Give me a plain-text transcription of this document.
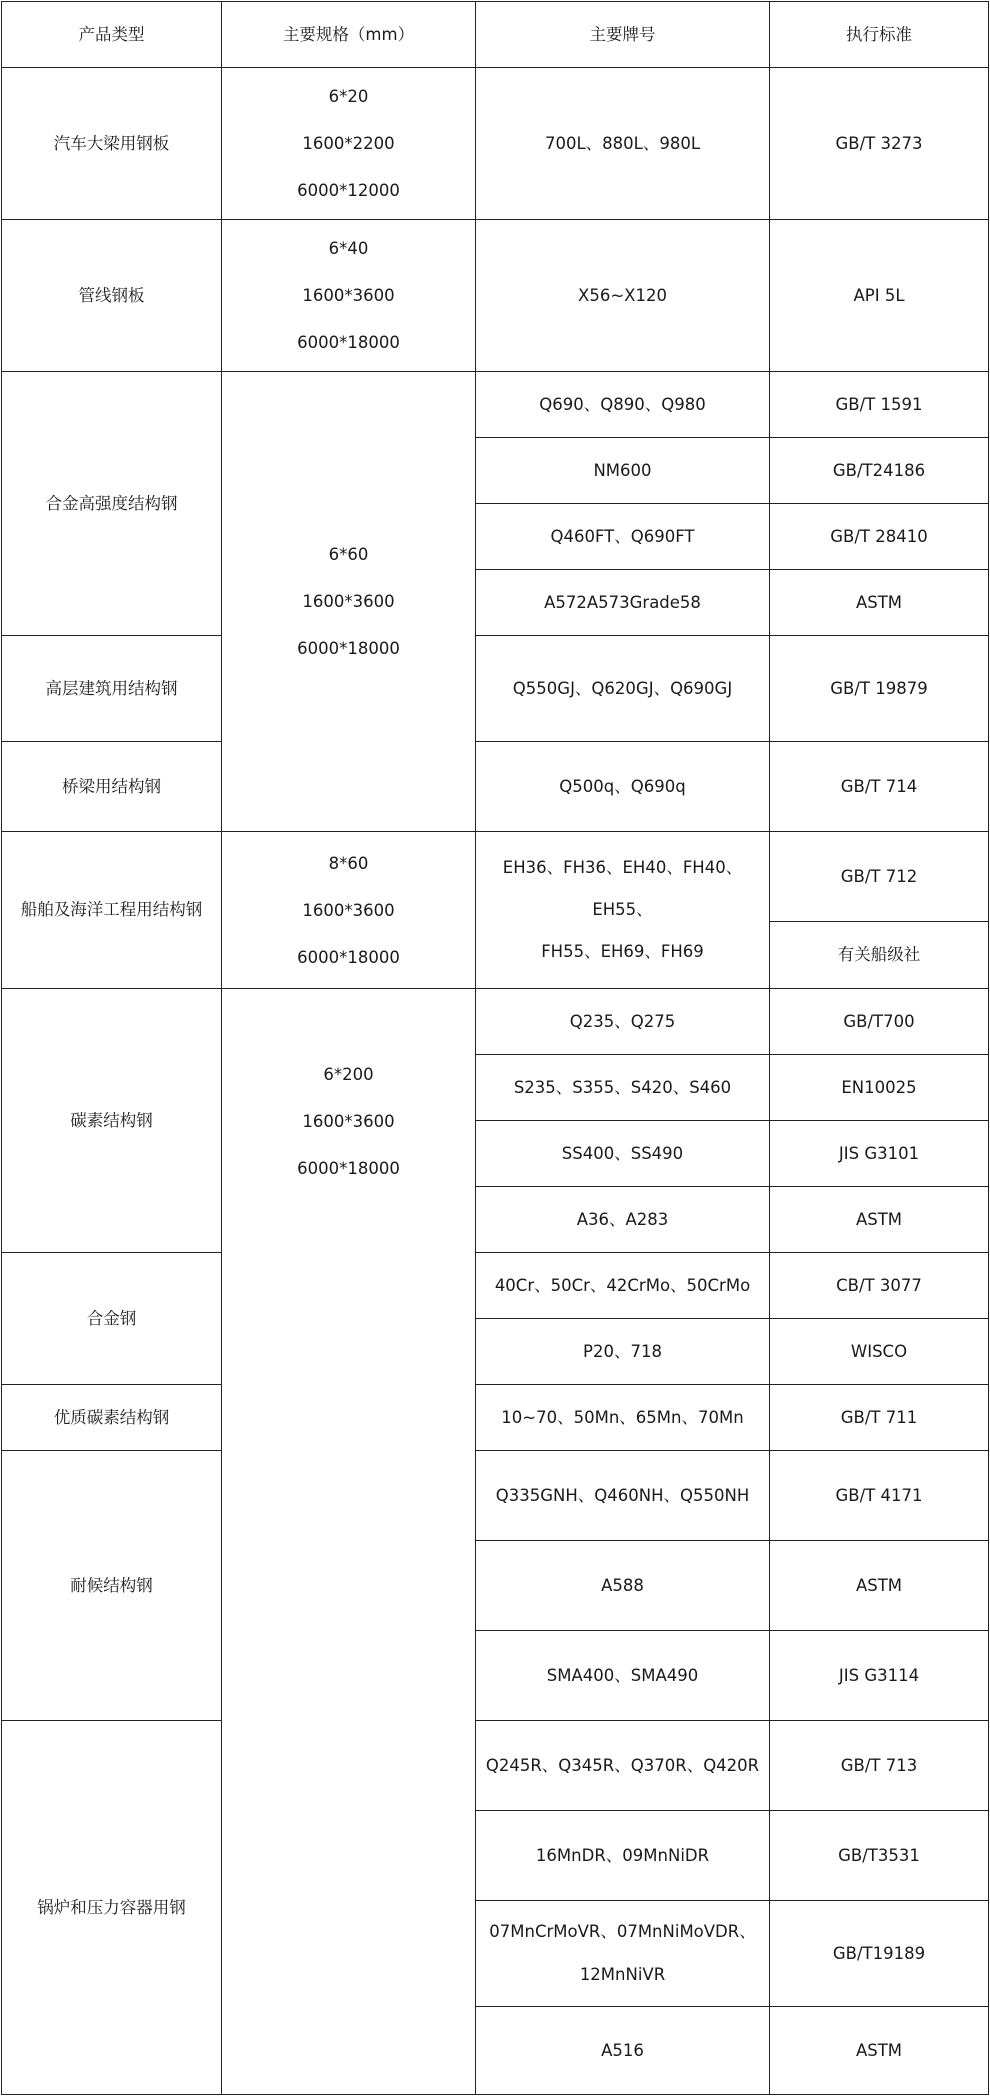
产品类型	主要规格（mm）	主要牌号	执行标准
汽车大梁用钢板	6*20
1600*2200
6000*12000	700L、880L、980L	GB/T 3273
管线钢板	6*40
1600*3600
6000*18000	X56~X120	API 5L
合金高强度结构钢	6*60
1600*3600
6000*18000	Q690、Q890、Q980	GB/T 1591
		NM600	GB/T24186
		Q460FT、Q690FT	GB/T 28410
		A572A573Grade58	ASTM
高层建筑用结构钢		Q550GJ、Q620GJ、Q690GJ	GB/T 19879
桥梁用结构钢		Q500q、Q690q	GB/T 714
船舶及海洋工程用结构钢	8*60
1600*3600
6000*18000	EH36、FH36、EH40、FH40、EH55、
FH55、EH69、FH69	GB/T 712
			有关船级社
碳素结构钢	6*200
1600*3600
6000*18000	Q235、Q275	GB/T700
		S235、S355、S420、S460	EN10025
		SS400、SS490	JIS G3101
		A36、A283	ASTM
合金钢		40Cr、50Cr、42CrMo、50CrMo	CB/T 3077
		P20、718	WISCO
优质碳素结构钢		10~70、50Mn、65Mn、70Mn	GB/T 711
耐候结构钢		Q335GNH、Q460NH、Q550NH	GB/T 4171
		A588	ASTM
		SMA400、SMA490	JIS G3114
锅炉和压力容器用钢		Q245R、Q345R、Q370R、Q420R	GB/T 713
		16MnDR、09MnNiDR	GB/T3531

		07MnCrMoVR、07MnNiMoVDR、
12MnNiVR	GB/T19189
		A516	ASTM
